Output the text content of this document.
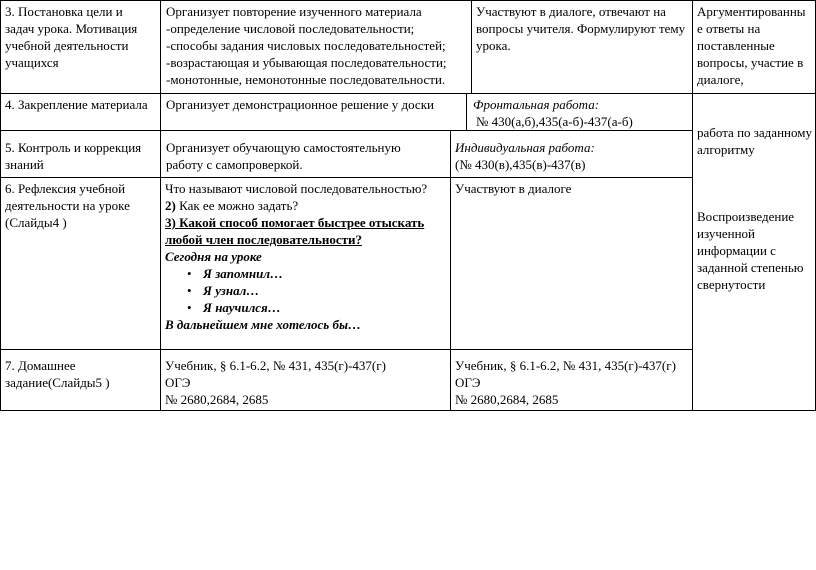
3. Постановка цели и задач урока. Мотивация учебной деятельности учащихся
Организует повторение изученного материала
-определение числовой последовательности;
-способы задания числовых последовательностей;
-возрастающая и убывающая последовательности;
-монотонные, немонотонные последовательности.
Участвуют в диалоге, отвечают на вопросы учителя. Формулируют тему урока.
Аргументированны е ответы на поставленные вопросы, участие в диалоге,
4. Закрепление материала	Организует демонстрационное решение у доски	Фронтальная работа:
№ 430(а,б),435(а-б)-437(а-б)
работа по заданному алгоритму
Воспроизведение изученной информации с заданной степенью свернутости
5. Контроль и коррекция знаний
Организует обучающую самостоятельную работу с самопроверкой.
Индивидуальная работа:
(№ 430(в),435(в)-437(в)
6. Рефлексия учебной деятельности на уроке (Слайды4 )
Что называют числовой последовательностью?
2) Как ее можно задать?
3) Какой способ помогает быстрее отыскать любой член последовательности?
Сегодня на уроке
• Я запомнил…
• Я узнал…
• Я научился…
В дальнейшем мне хотелось бы…
Участвуют в диалоге
7. Домашнее задание(Слайды5 )
Учебник, § 6.1-6.2, № 431, 435(г)-437(г)
ОГЭ
№ 2680,2684, 2685
Учебник, § 6.1-6.2, № 431, 435(г)-437(г)
ОГЭ
№ 2680,2684, 2685
